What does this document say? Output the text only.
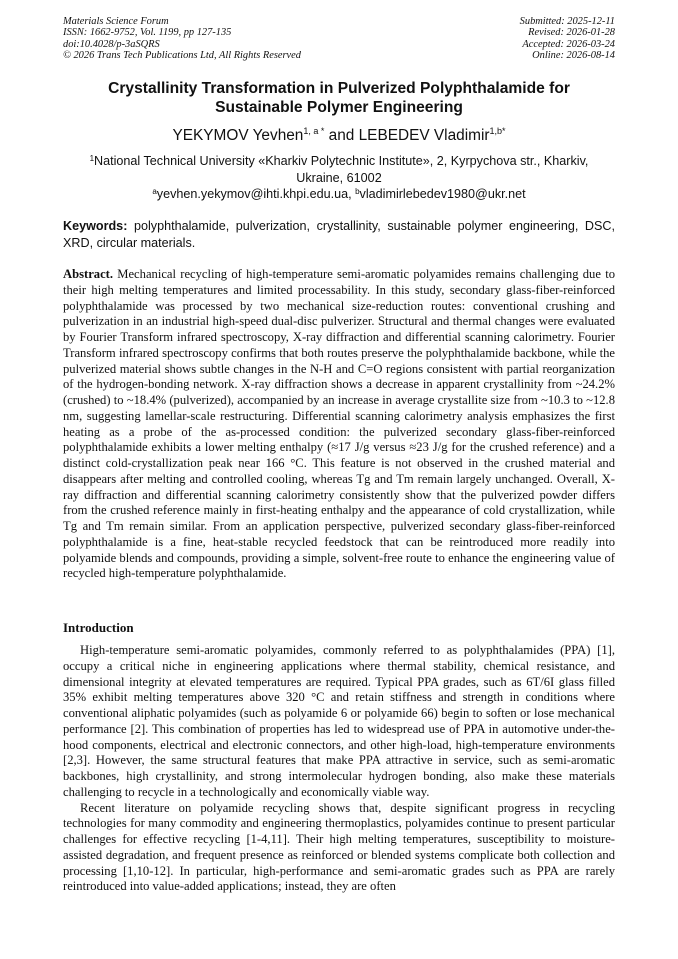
Materials Science Forum
ISSN: 1662-9752, Vol. 1199, pp 127-135
doi:10.4028/p-3aSQRS
© 2026 Trans Tech Publications Ltd, All Rights Reserved
Submitted: 2025-12-11
Revised: 2026-01-28
Accepted: 2026-03-24
Online: 2026-08-14
Crystallinity Transformation in Pulverized Polyphthalamide for
Sustainable Polymer Engineering
YEKYMOV Yevhen$^{1, a *}$ and LEBEDEV Vladimir$^{1,b*}$
$^1$National Technical University «Kharkiv Polytechnic Institute», 2, Kyrpychova str., Kharkiv,
Ukraine, 61002
$^a$yevhen.yekymov@ihti.khpi.edu.ua, $^b$vladimirlebedev1980@ukr.net
Keywords: polyphthalamide, pulverization, crystallinity, sustainable polymer engineering, DSC, XRD, circular materials.
Abstract. Mechanical recycling of high-temperature semi-aromatic polyamides remains challenging due to their high melting temperatures and limited processability. In this study, secondary glass-fiber-reinforced polyphthalamide was processed by two mechanical size-reduction routes: conventional crushing and pulverization in an industrial high-speed dual-disc pulverizer. Structural and thermal changes were evaluated by Fourier Transform infrared spectroscopy, X-ray diffraction and differential scanning calorimetry. Fourier Transform infrared spectroscopy confirms that both routes preserve the polyphthalamide backbone, while the pulverized material shows subtle changes in the N-H and C=O regions consistent with partial reorganization of the hydrogen-bonding network. X-ray diffraction shows a decrease in apparent crystallinity from ~24.2% (crushed) to ~18.4% (pulverized), accompanied by an increase in average crystallite size from ~10.3 to ~12.8 nm, suggesting lamellar-scale restructuring. Differential scanning calorimetry analysis emphasizes the first heating as a probe of the as-processed condition: the pulverized secondary glass-fiber-reinforced polyphthalamide exhibits a lower melting enthalpy (≈17 J/g versus ≈23 J/g for the crushed reference) and a distinct cold-crystallization peak near 166 °C. This feature is not observed in the crushed material and disappears after melting and controlled cooling, whereas Tg and Tm remain largely unchanged. Overall, X-ray diffraction and differential scanning calorimetry consistently show that the pulverized powder differs from the crushed reference mainly in first-heating enthalpy and the appearance of cold crystallization, while Tg and Tm remain similar. From an application perspective, pulverized secondary glass-fiber-reinforced polyphthalamide is a fine, heat-stable recycled feedstock that can be reintroduced more readily into polyamide blends and compounds, providing a simple, solvent-free route to enhance the engineering value of recycled high-temperature polyphthalamide.
Introduction

High-temperature semi-aromatic polyamides, commonly referred to as polyphthalamides (PPA) [1], occupy a critical niche in engineering applications where thermal stability, chemical resistance, and dimensional integrity at elevated temperatures are required. Typical PPA grades, such as 6T/6I glass filled 35% exhibit melting temperatures above 320 °C and retain stiffness and strength in conditions where conventional aliphatic polyamides (such as polyamide 6 or polyamide 66) begin to soften or lose mechanical performance [2]. This combination of properties has led to widespread use of PPA in automotive under-the-hood components, electrical and electronic connectors, and other high-load, high-temperature environments [2,3]. However, the same structural features that make PPA attractive in service, such as semi-aromatic backbones, high crystallinity, and strong intermolecular hydrogen bonding, also make these materials challenging to recycle in a technologically and economically viable way.

Recent literature on polyamide recycling shows that, despite significant progress in recycling technologies for many commodity and engineering thermoplastics, polyamides continue to present particular challenges for effective recycling [1-4,11]. Their high melting temperatures, susceptibility to moisture-assisted degradation, and frequent presence as reinforced or blended systems complicate both collection and processing [1,10-12]. In particular, high-performance and semi-aromatic grades such as PPA are rarely reintroduced into value-added applications; instead, they are often
